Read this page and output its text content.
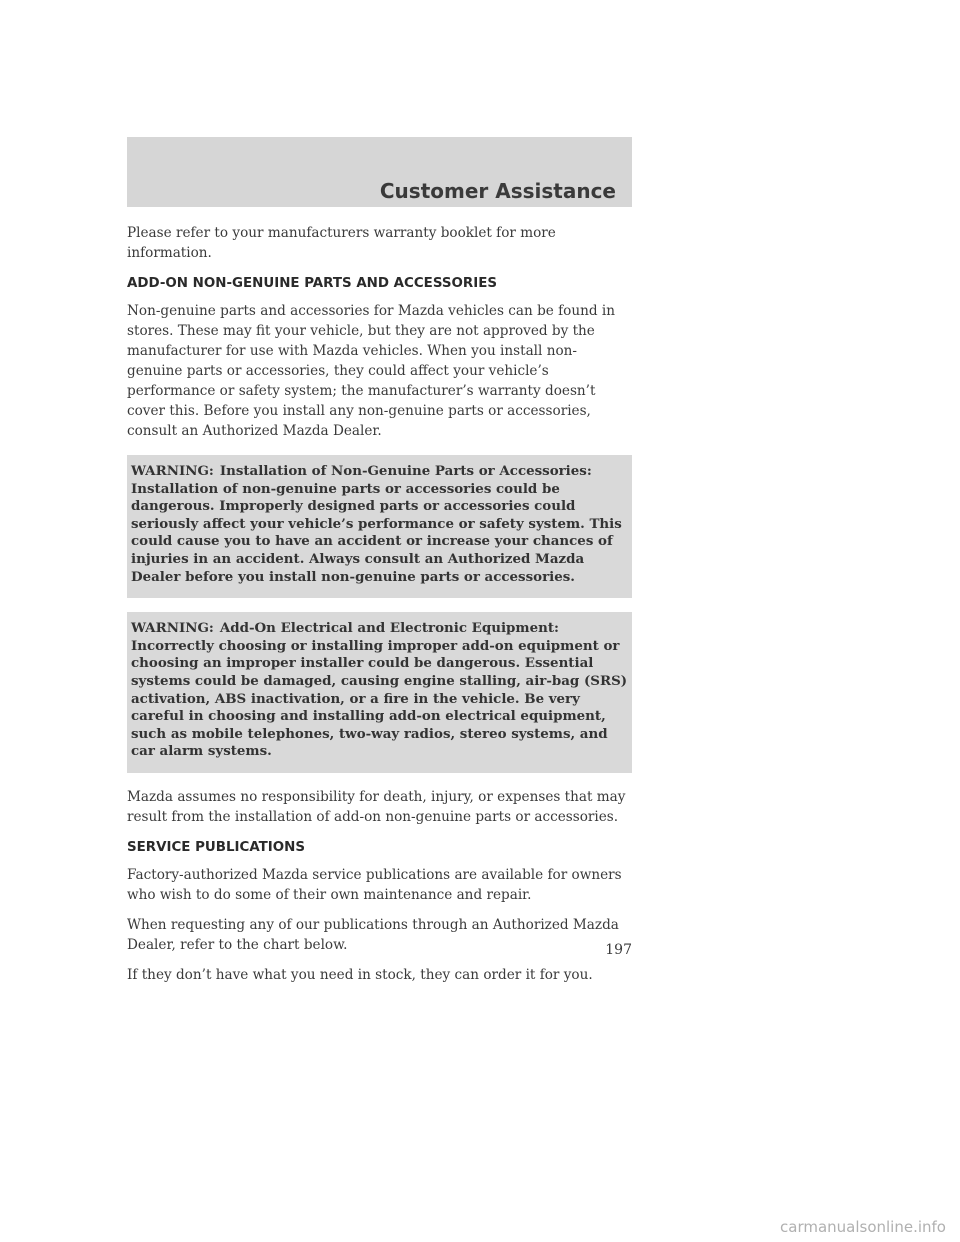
Customer Assistance

Please refer to your manufacturers warranty booklet for more information.

ADD-ON NON-GENUINE PARTS AND ACCESSORIES

Non-genuine parts and accessories for Mazda vehicles can be found in stores. These may fit your vehicle, but they are not approved by the manufacturer for use with Mazda vehicles. When you install non-genuine parts or accessories, they could affect your vehicle’s performance or safety system; the manufacturer’s warranty doesn’t cover this. Before you install any non-genuine parts or accessories, consult an Authorized Mazda Dealer.

WARNING: Installation of Non-Genuine Parts or Accessories: Installation of non-genuine parts or accessories could be dangerous. Improperly designed parts or accessories could seriously affect your vehicle’s performance or safety system. This could cause you to have an accident or increase your chances of injuries in an accident. Always consult an Authorized Mazda Dealer before you install non-genuine parts or accessories.

WARNING: Add-On Electrical and Electronic Equipment: Incorrectly choosing or installing improper add-on equipment or choosing an improper installer could be dangerous. Essential systems could be damaged, causing engine stalling, air-bag (SRS) activation, ABS inactivation, or a fire in the vehicle. Be very careful in choosing and installing add-on electrical equipment, such as mobile telephones, two-way radios, stereo systems, and car alarm systems.

Mazda assumes no responsibility for death, injury, or expenses that may result from the installation of add-on non-genuine parts or accessories.

SERVICE PUBLICATIONS

Factory-authorized Mazda service publications are available for owners who wish to do some of their own maintenance and repair.

When requesting any of our publications through an Authorized Mazda Dealer, refer to the chart below.

If they don’t have what you need in stock, they can order it for you.

197
carmanualsonline.info
